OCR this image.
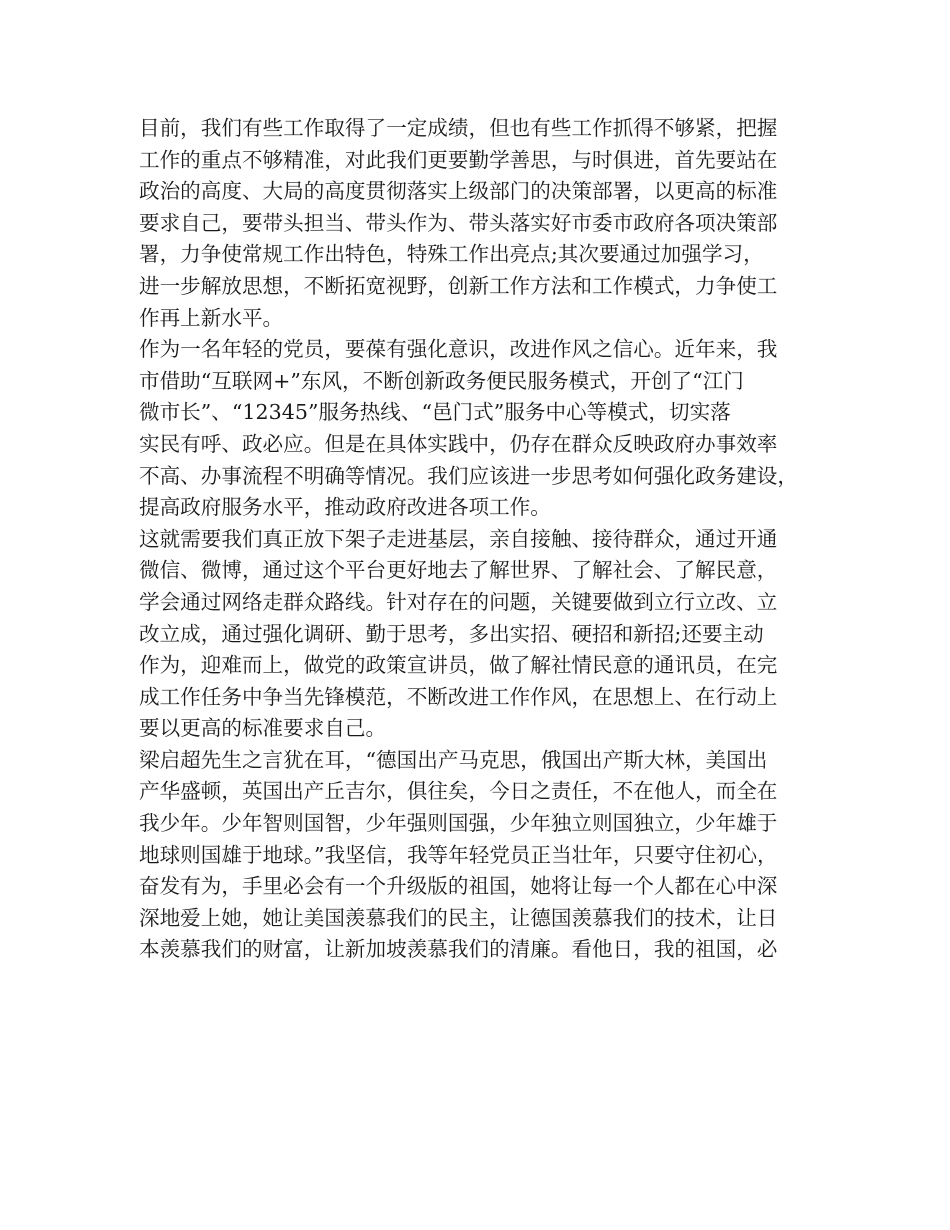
目前，我们有些工作取得了一定成绩，但也有些工作抓得不够紧，把握
工作的重点不够精准，对此我们更要勤学善思，与时俱进，首先要站在
政治的高度、大局的高度贯彻落实上级部门的决策部署，以更高的标准
要求自己，要带头担当、带头作为、带头落实好市委市政府各项决策部
署，力争使常规工作出特色，特殊工作出亮点;其次要通过加强学习，
进一步解放思想，不断拓宽视野，创新工作方法和工作模式，力争使工
作再上新水平。
作为一名年轻的党员，要葆有强化意识，改进作风之信心。近年来，我
市借助“互联网+”东风，不断创新政务便民服务模式，开创了“江门
微市长”、“12345”服务热线、“邑门式”服务中心等模式，切实落
实民有呼、政必应。但是在具体实践中，仍存在群众反映政府办事效率
不高、办事流程不明确等情况。我们应该进一步思考如何强化政务建设，
提高政府服务水平，推动政府改进各项工作。
这就需要我们真正放下架子走进基层，亲自接触、接待群众，通过开通
微信、微博，通过这个平台更好地去了解世界、了解社会、了解民意，
学会通过网络走群众路线。针对存在的问题，关键要做到立行立改、立
改立成，通过强化调研、勤于思考，多出实招、硬招和新招;还要主动
作为，迎难而上，做党的政策宣讲员，做了解社情民意的通讯员，在完
成工作任务中争当先锋模范，不断改进工作作风，在思想上、在行动上
要以更高的标准要求自己。
梁启超先生之言犹在耳，“德国出产马克思，俄国出产斯大林，美国出
产华盛顿，英国出产丘吉尔，俱往矣，今日之责任，不在他人，而全在
我少年。少年智则国智，少年强则国强，少年独立则国独立，少年雄于
地球则国雄于地球。”我坚信，我等年轻党员正当壮年，只要守住初心，
奋发有为，手里必会有一个升级版的祖国，她将让每一个人都在心中深
深地爱上她，她让美国羡慕我们的民主，让德国羡慕我们的技术，让日
本羡慕我们的财富，让新加坡羡慕我们的清廉。看他日，我的祖国，必
